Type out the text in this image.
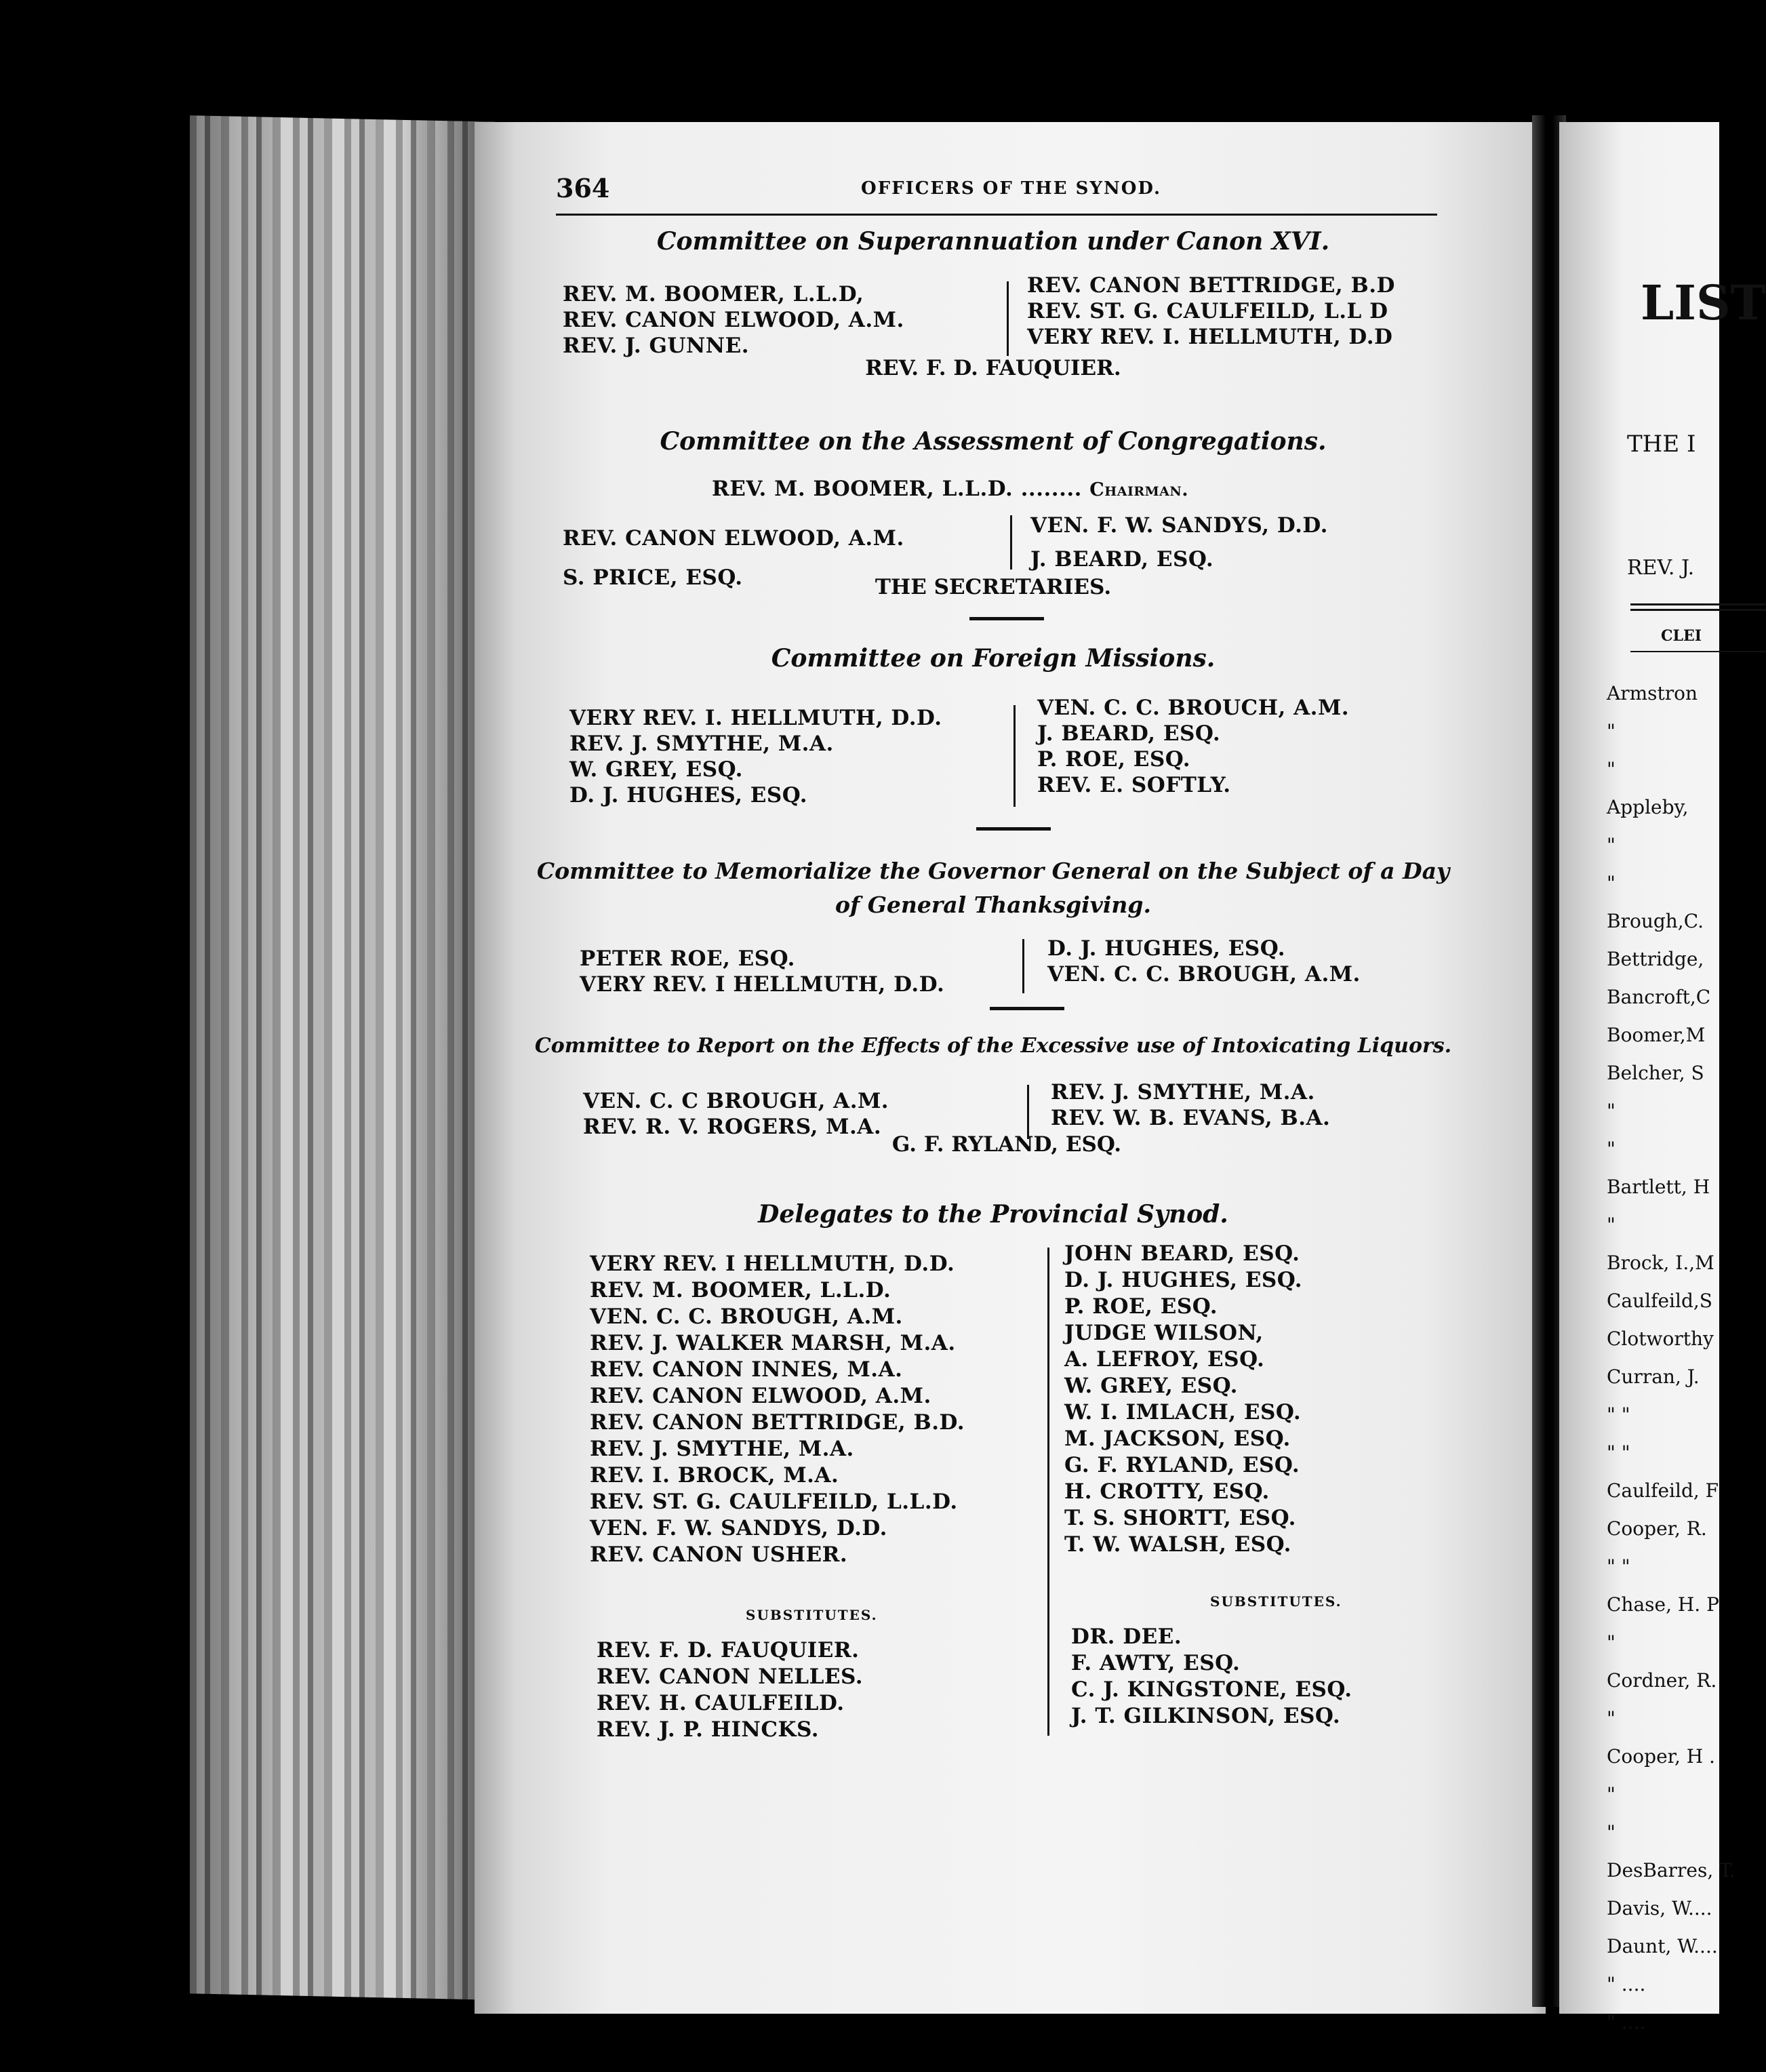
364	OFFICERS OF THE SYNOD.
Committee on Superannuation under Canon XVI.
REV. M. BOOMER, L.L.D,
REV. CANON ELWOOD, A.M.
REV. J. GUNNE.
REV. CANON BETTRIDGE, B.D
REV. ST. G. CAULFEILD, L.L D
VERY REV. I. HELLMUTH, D.D
REV. F. D. FAUQUIER.
Committee on the Assessment of Congregations.
REV. M. BOOMER, L.L.D. ........ Chairman.
REV. CANON ELWOOD, A.M.
S. PRICE, ESQ.
VEN. F. W. SANDYS, D.D.
J. BEARD, ESQ.
THE SECRETARIES.
Committee on Foreign Missions.
VERY REV. I. HELLMUTH, D.D.
REV. J. SMYTHE, M.A.
W. GREY, ESQ.
D. J. HUGHES, ESQ.
VEN. C. C. BROUCH, A.M.
J. BEARD, ESQ.
P. ROE, ESQ.
REV. E. SOFTLY.
Committee to Memorialize the Governor General on the Subject of a Day
of General Thanksgiving.
PETER ROE, ESQ.
VERY REV. I HELLMUTH, D.D.
D. J. HUGHES, ESQ.
VEN. C. C. BROUGH, A.M.
Committee to Report on the Effects of the Excessive use of Intoxicating Liquors.
VEN. C. C BROUGH, A.M.
REV. R. V. ROGERS, M.A.
REV. J. SMYTHE, M.A.
REV. W. B. EVANS, B.A.
G. F. RYLAND, ESQ.
Delegates to the Provincial Synod.
VERY REV. I HELLMUTH, D.D.
REV. M. BOOMER, L.L.D.
VEN. C. C. BROUGH, A.M.
REV. J. WALKER MARSH, M.A.
REV. CANON INNES, M.A.
REV. CANON ELWOOD, A.M.
REV. CANON BETTRIDGE, B.D.
REV. J. SMYTHE, M.A.
REV. I. BROCK, M.A.
REV. ST. G. CAULFEILD, L.L.D.
VEN. F. W. SANDYS, D.D.
REV. CANON USHER.
JOHN BEARD, ESQ.
D. J. HUGHES, ESQ.
P. ROE, ESQ.
JUDGE WILSON,
A. LEFROY, ESQ.
W. GREY, ESQ.
W. I. IMLACH, ESQ.
M. JACKSON, ESQ.
G. F. RYLAND, ESQ.
H. CROTTY, ESQ.
T. S. SHORTT, ESQ.
T. W. WALSH, ESQ.
SUBSTITUTES.
SUBSTITUTES.
REV. F. D. FAUQUIER.
REV. CANON NELLES.
REV. H. CAULFEILD.
REV. J. P. HINCKS.
DR. DEE.
F. AWTY, ESQ.
C. J. KINGSTONE, ESQ.
J. T. GILKINSON, ESQ.
LIST
THE I
REV. J.
CLEI
Armstron
"
"
Appleby,
"
"
Brough,C.
Bettridge,
Bancroft,C
Boomer,M
Belcher, S
"
"
Bartlett, H
"
Brock, I.,M
Caulfeild,S
Clotworthy
Curran, J.
" "
" "
Caulfeild, F
Cooper, R.
" "
Chase, H. P
"
Cordner, R.
"
Cooper, H .
"
"
DesBarres, T.
Davis, W....
Daunt, W....
" ....
" ....
